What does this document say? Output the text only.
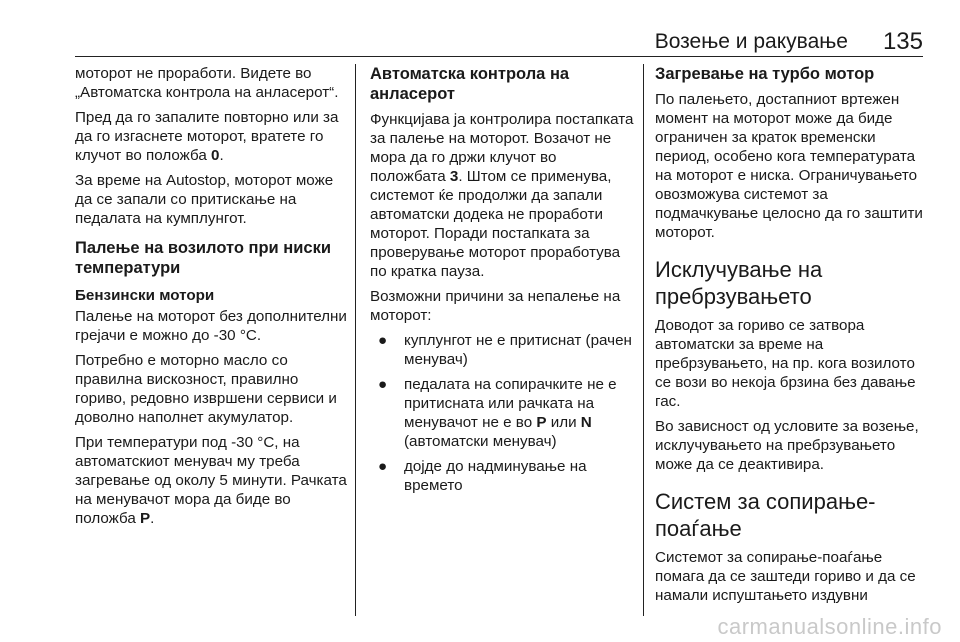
Возење и ракување 135

моторот не проработи. Видете во „Автоматска контрола на анласерот“.

Пред да го запалите повторно или за да го изгаснете моторот, вратете го клучот во положба 0.

За време на Autostop, моторот може да се запали со притискање на педалата на кумплунгот.

Палење на возилото при ниски температури
Бензински мотори

Палење на моторот без дополнителни грејачи е можно до -30 °C.

Потребно е моторно масло со правилна вискозност, правилно гориво, редовно извршени сервиси и доволно наполнет акумулатор.

При температури под -30 °C, на автоматскиот менувач му треба загревање од околу 5 минути. Рачката на менувачот мора да биде во положба P.

Автоматска контрола на анласерот

Функцијава ја контролира постапката за палење на моторот. Возачот не мора да го држи клучот во положбата 3. Штом се применува, системот ќе продолжи да запали автоматски додека не проработи моторот. Поради постапката за проверување моторот проработува по кратка пауза.

Возможни причини за непалење на моторот:

● куплунгот не е притиснат (рачен менувач)
● педалата на сопирачките не е притисната или рачката на менувачот не е во P или N (автоматски менувач)
● дојде до надминување на времето
Загревање на турбо мотор

По палењето, достапниот вртежен момент на моторот може да биде ограничен за краток временски период, особено кога температурата на моторот е ниска. Ограничувањето овозможува системот за подмачкување целосно да го заштити моторот.

Исклучување на пребрзувањето

Доводот за гориво се затвора автоматски за време на пребрзувањето, на пр. кога возилото се вози во некоја брзина без давање гас.

Во зависност од условите за возење, исклучувањето на пребрзувањето може да се деактивира.

Систем за сопирање-поаѓање

Системот за сопирање-поаѓање помага да се заштеди гориво и да се намали испуштањето издувни

carmanualsonline.info
